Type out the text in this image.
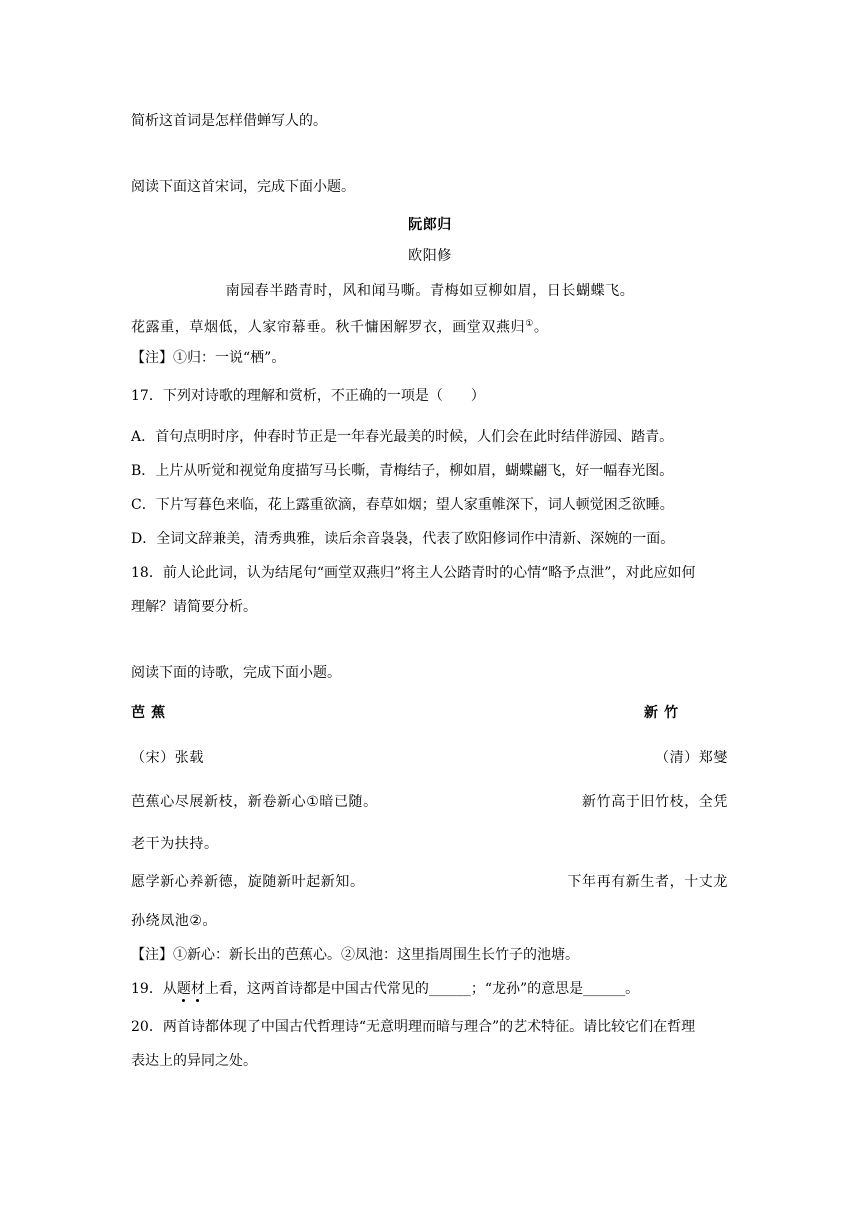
简析这首词是怎样借蝉写人的。
阅读下面这首宋词，完成下面小题。
阮郎归
欧阳修
南园春半踏青时，风和闻马嘶。青梅如豆柳如眉，日长蝴蝶飞。
花露重，草烟低，人家帘幕垂。秋千慵困解罗衣，画堂双燕归①。
【注】①归：一说“栖”。
17．下列对诗歌的理解和赏析，不正确的一项是（　　）
A．首句点明时序，仲春时节正是一年春光最美的时候，人们会在此时结伴游园、踏青。
B．上片从听觉和视觉角度描写马长嘶，青梅结子，柳如眉，蝴蝶翩飞，好一幅春光图。
C．下片写暮色来临，花上露重欲滴，春草如烟；望人家重帷深下，词人顿觉困乏欲睡。
D．全词文辞兼美，清秀典雅，读后余音袅袅，代表了欧阳修词作中清新、深婉的一面。
18．前人论此词，认为结尾句“画堂双燕归”将主人公踏青时的心情“略予点泄”，对此应如何
理解？请简要分析。
阅读下面的诗歌，完成下面小题。
芭 蕉	新 竹
（宋）张载	（清）郑燮
芭蕉心尽展新枝，新卷新心①暗已随。	新竹高于旧竹枝，全凭
老干为扶持。
愿学新心养新德，旋随新叶起新知。	下年再有新生者，十丈龙
孙绕凤池②。
【注】①新心：新长出的芭蕉心。②凤池：这里指周围生长竹子的池塘。
19．从题材上看，这两首诗都是中国古代常见的______；“龙孙”的意思是______。
20．两首诗都体现了中国古代哲理诗“无意明理而暗与理合”的艺术特征。请比较它们在哲理
表达上的异同之处。
